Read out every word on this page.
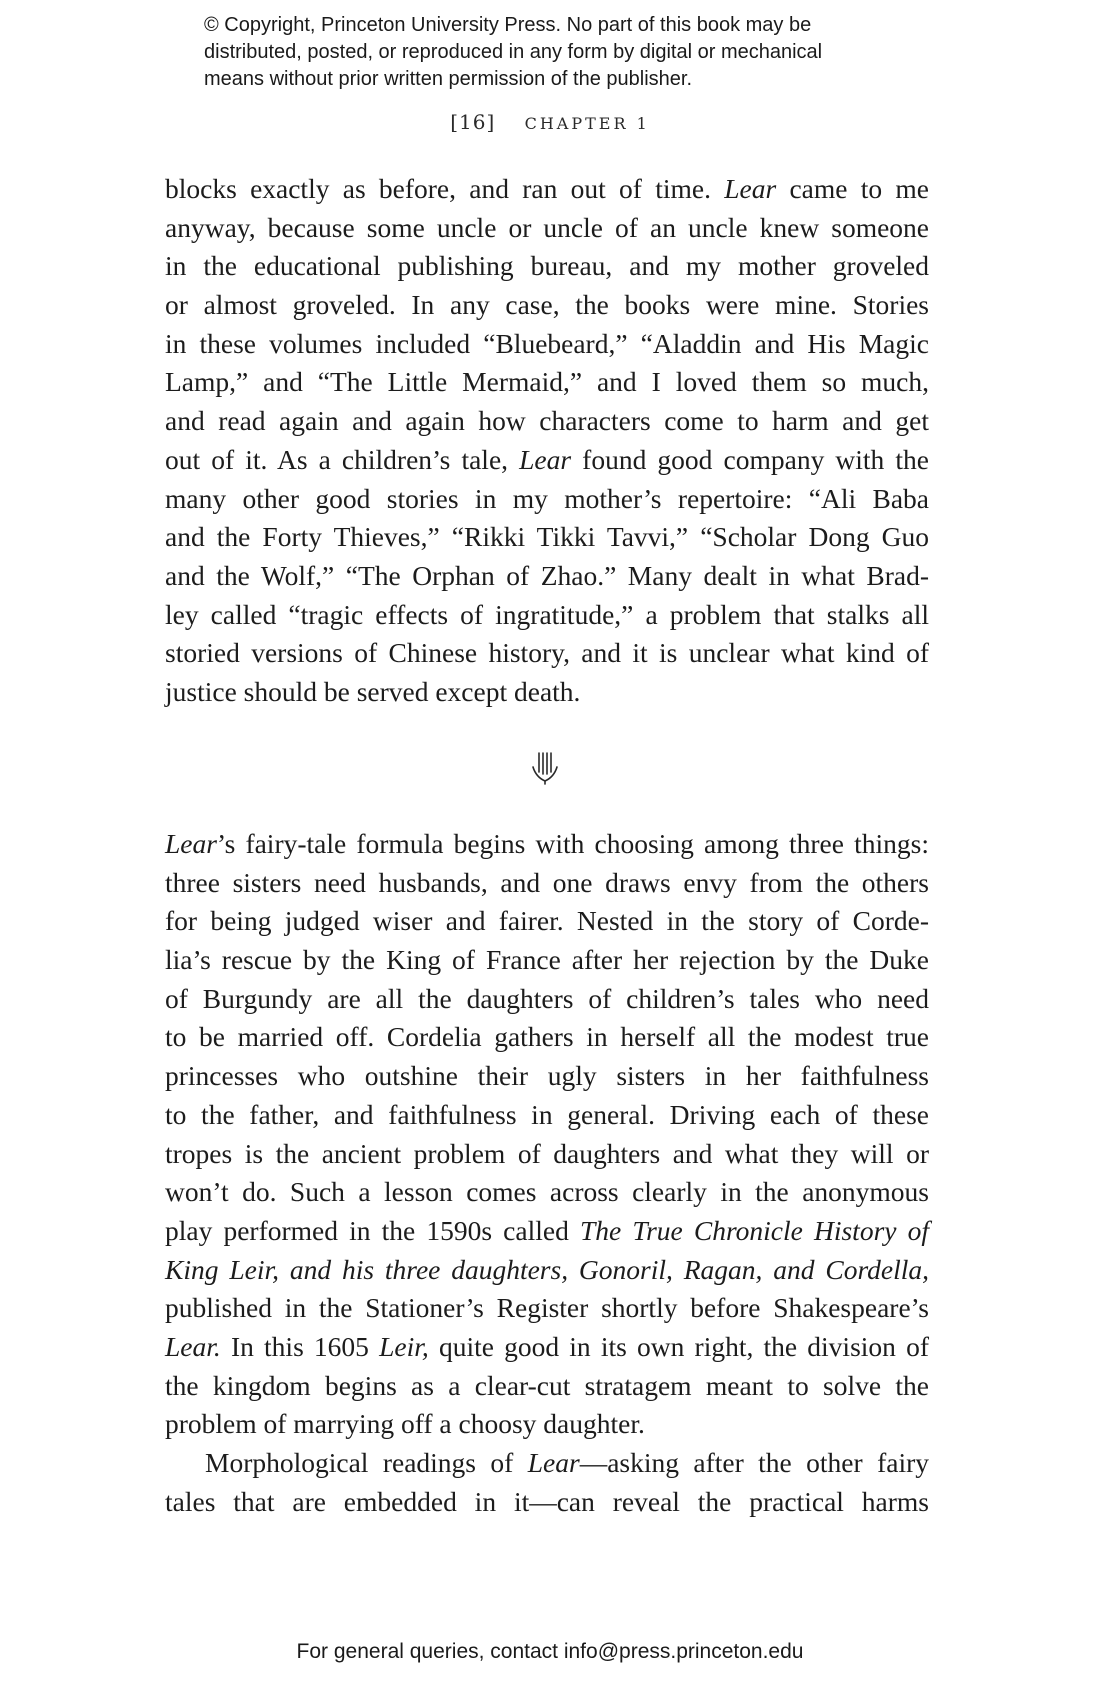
© Copyright, Princeton University Press. No part of this book may be
distributed, posted, or reproduced in any form by digital or mechanical
means without prior written permission of the publisher.
[16] CHAPTER 1
blocks exactly as before, and ran out of time. Lear came to me
anyway, because some uncle or uncle of an uncle knew someone
in the educational publishing bureau, and my mother groveled
or almost groveled. In any case, the books were mine. Stories
in these volumes included “Bluebeard,” “Aladdin and His Magic
Lamp,” and “The Little Mermaid,” and I loved them so much,
and read again and again how characters come to harm and get
out of it. As a children’s tale, Lear found good company with the
many other good stories in my mother’s repertoire: “Ali Baba
and the Forty Thieves,” “Rikki Tikki Tavvi,” “Scholar Dong Guo
and the Wolf,” “The Orphan of Zhao.” Many dealt in what Brad-
ley called “tragic effects of ingratitude,” a problem that stalks all
storied versions of Chinese history, and it is unclear what kind of
justice should be served except death.
Lear’s fairy-tale formula begins with choosing among three things:
three sisters need husbands, and one draws envy from the others
for being judged wiser and fairer. Nested in the story of Corde-
lia’s rescue by the King of France after her rejection by the Duke
of Burgundy are all the daughters of children’s tales who need
to be married off. Cordelia gathers in herself all the modest true
princesses who outshine their ugly sisters in her faithfulness
to the father, and faithfulness in general. Driving each of these
tropes is the ancient problem of daughters and what they will or
won’t do. Such a lesson comes across clearly in the anonymous
play performed in the 1590s called The True Chronicle History of
King Leir, and his three daughters, Gonoril, Ragan, and Cordella,
published in the Stationer’s Register shortly before Shakespeare’s
Lear. In this 1605 Leir, quite good in its own right, the division of
the kingdom begins as a clear-cut stratagem meant to solve the
problem of marrying off a choosy daughter.
Morphological readings of Lear—asking after the other fairy
tales that are embedded in it—can reveal the practical harms
For general queries, contact info@press.princeton.edu
